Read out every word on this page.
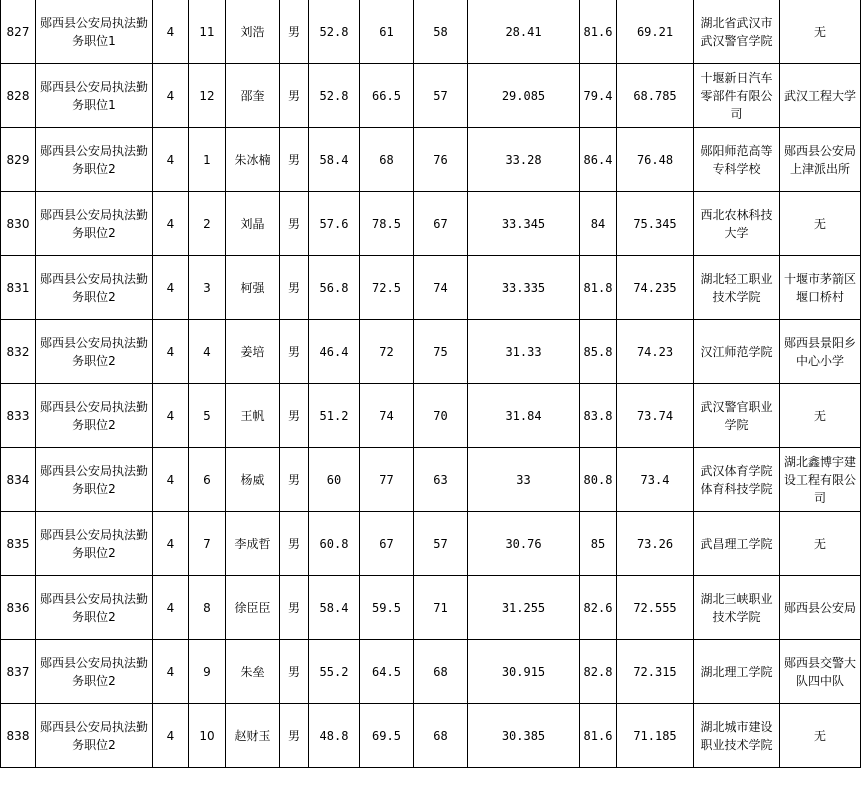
827	郧西县公安局执法勤务职位1	4	11	刘浩	男	52.8	61	58	28.41	81.6	69.21	湖北省武汉市武汉警官学院	无
828	郧西县公安局执法勤务职位1	4	12	邵奎	男	52.8	66.5	57	29.085	79.4	68.785	十堰新日汽车零部件有限公司	武汉工程大学
829	郧西县公安局执法勤务职位2	4	1	朱冰楠	男	58.4	68	76	33.28	86.4	76.48	郧阳师范高等专科学校	郧西县公安局上津派出所
830	郧西县公安局执法勤务职位2	4	2	刘晶	男	57.6	78.5	67	33.345	84	75.345	西北农林科技大学	无
831	郧西县公安局执法勤务职位2	4	3	柯强	男	56.8	72.5	74	33.335	81.8	74.235	湖北轻工职业技术学院	十堰市茅箭区堰口桥村
832	郧西县公安局执法勤务职位2	4	4	姜培	男	46.4	72	75	31.33	85.8	74.23	汉江师范学院	郧西县景阳乡中心小学
833	郧西县公安局执法勤务职位2	4	5	王帆	男	51.2	74	70	31.84	83.8	73.74	武汉警官职业学院	无
834	郧西县公安局执法勤务职位2	4	6	杨威	男	60	77	63	33	80.8	73.4	武汉体育学院体育科技学院	湖北鑫博宇建设工程有限公司
835	郧西县公安局执法勤务职位2	4	7	李成哲	男	60.8	67	57	30.76	85	73.26	武昌理工学院	无
836	郧西县公安局执法勤务职位2	4	8	徐臣臣	男	58.4	59.5	71	31.255	82.6	72.555	湖北三峡职业技术学院	郧西县公安局
837	郧西县公安局执法勤务职位2	4	9	朱垒	男	55.2	64.5	68	30.915	82.8	72.315	湖北理工学院	郧西县交警大队四中队
838	郧西县公安局执法勤务职位2	4	10	赵财玉	男	48.8	69.5	68	30.385	81.6	71.185	湖北城市建设职业技术学院	无
